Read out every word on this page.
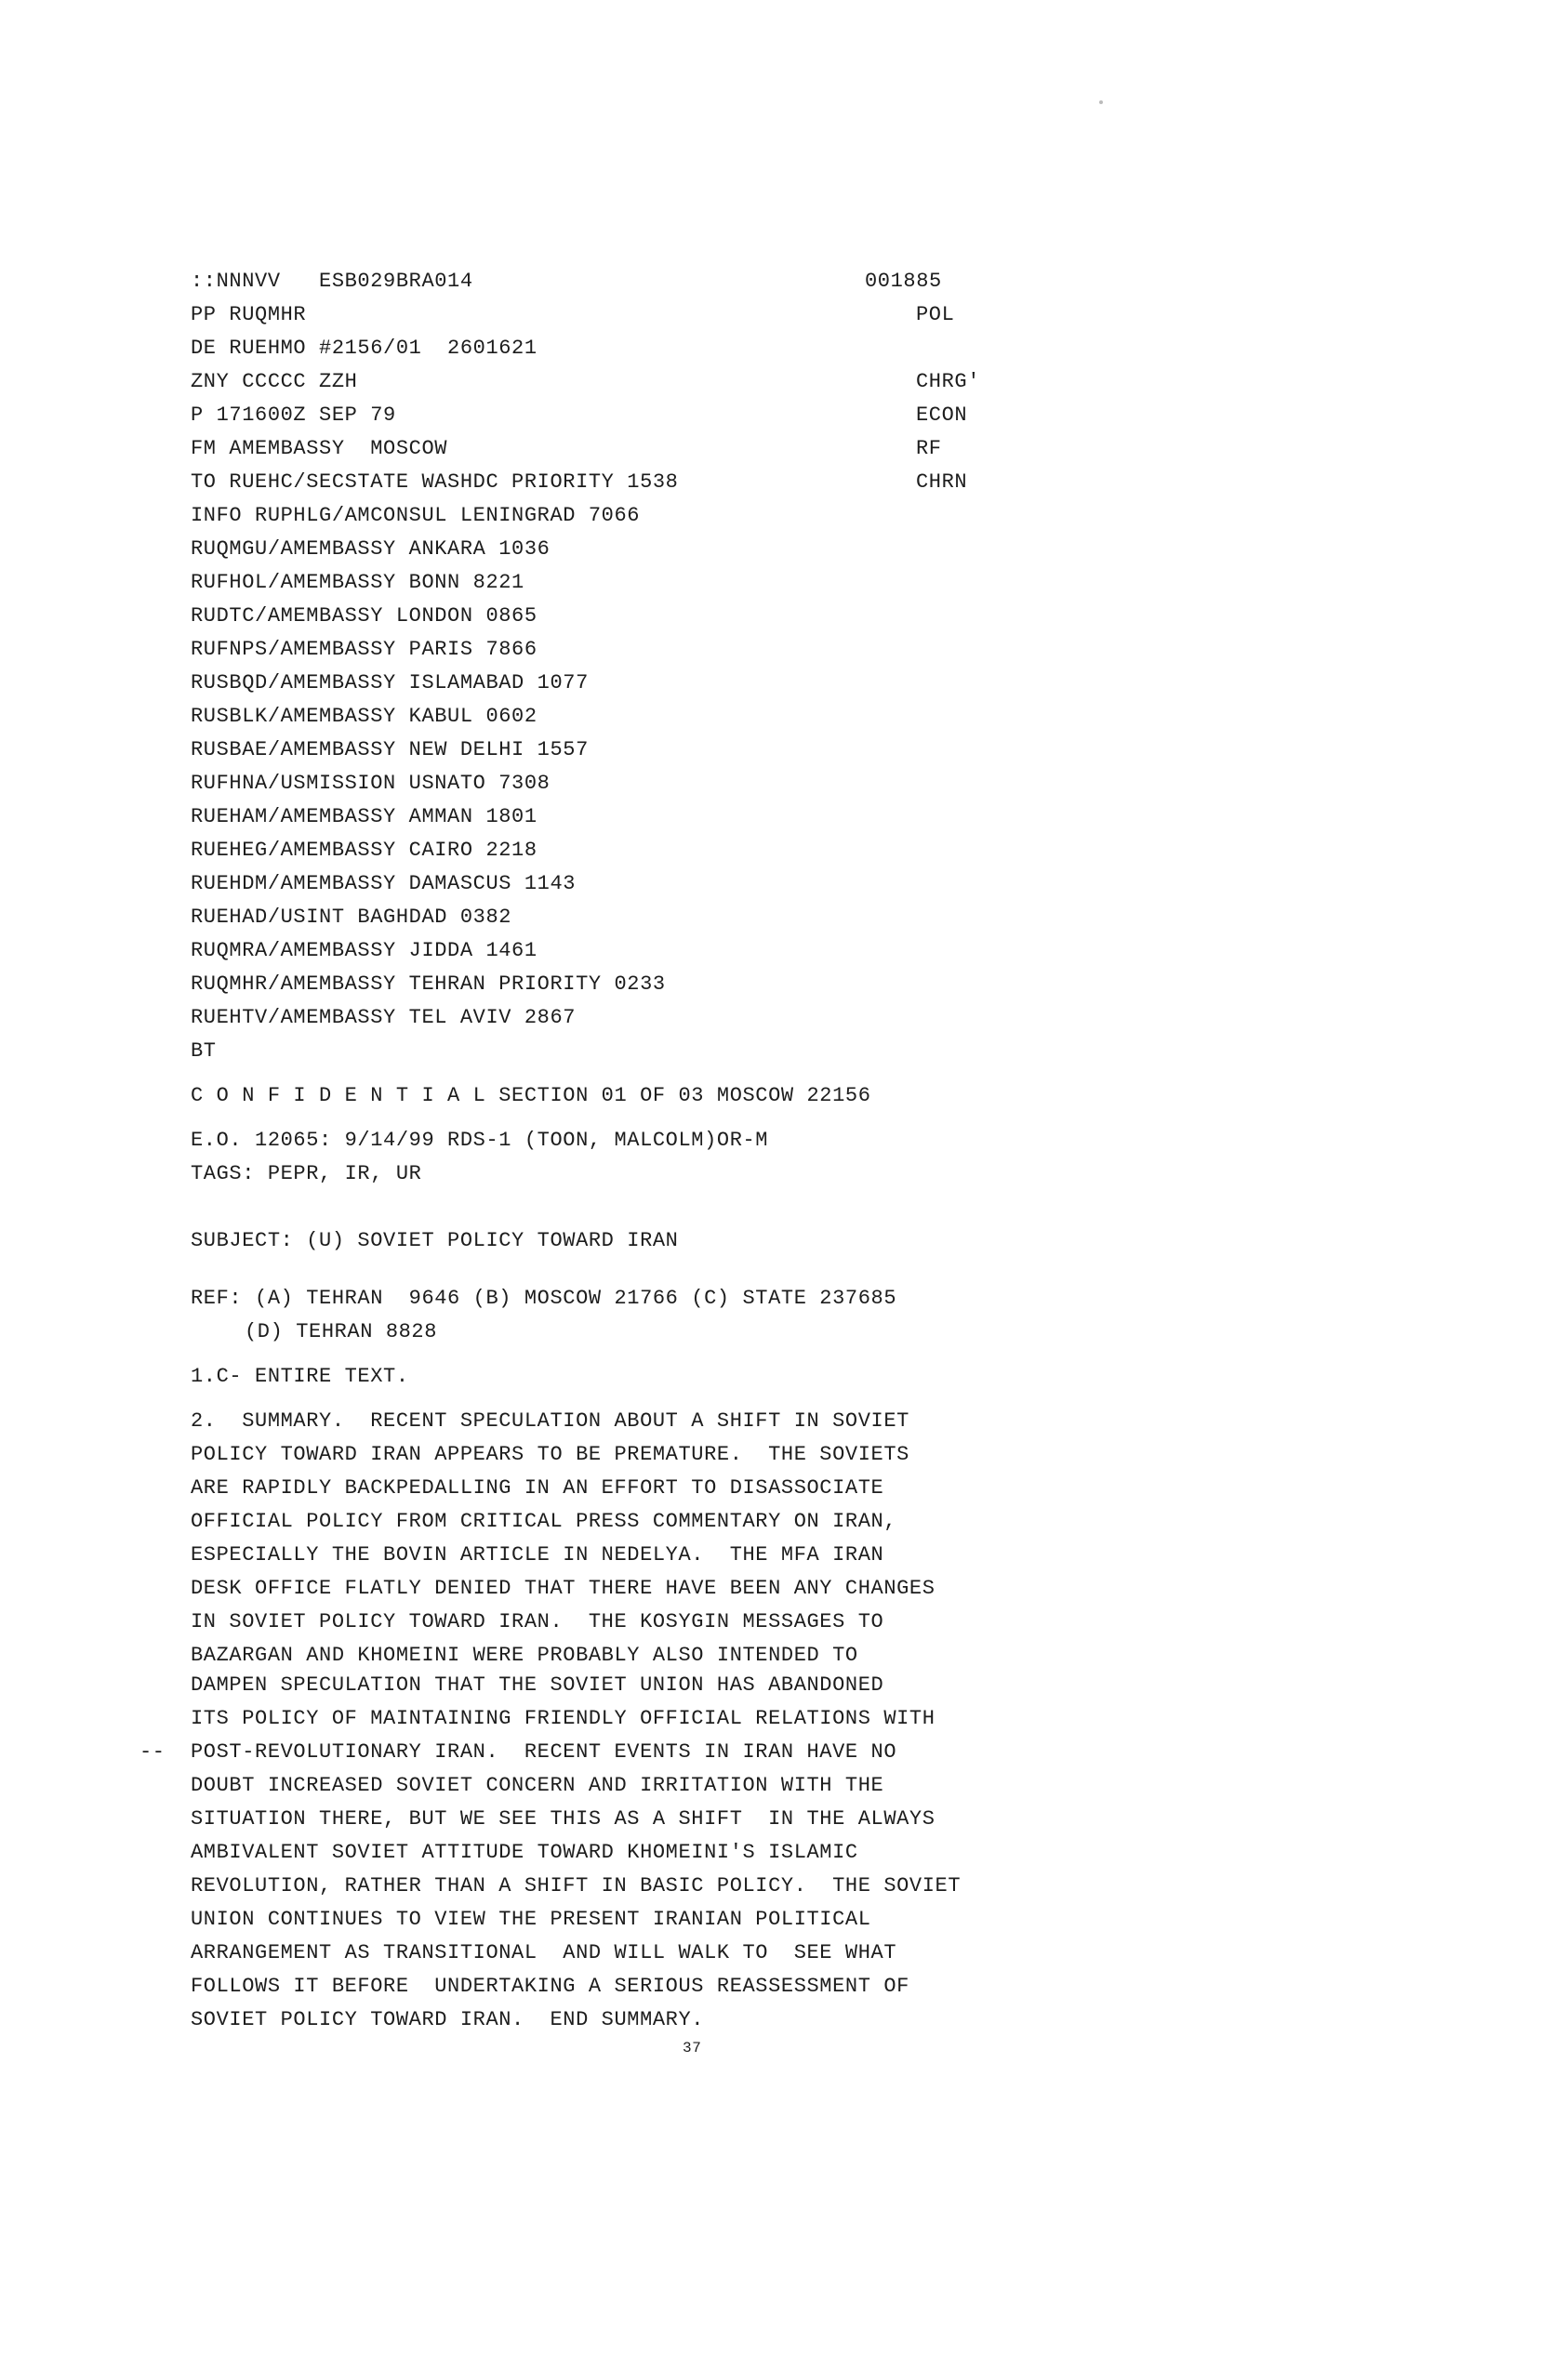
::NNNVV   ESB029BRA014
PP RUQMHR
DE RUEHMO #2156/01  2601621
ZNY CCCCC ZZH
P 171600Z SEP 79
FM AMEMBASSY  MOSCOW
TO RUEHC/SECSTATE WASHDC PRIORITY 1538
INFO RUPHLG/AMCONSUL LENINGRAD 7066
RUQMGU/AMEMBASSY ANKARA 1036
RUFHOL/AMEMBASSY BONN 8221
RUDTC/AMEMBASSY LONDON 0865
RUFNPS/AMEMBASSY PARIS 7866
RUSBQD/AMEMBASSY ISLAMABAD 1077
RUSBLK/AMEMBASSY KABUL 0602
RUSBAE/AMEMBASSY NEW DELHI 1557
RUFHNA/USMISSION USNATO 7308
RUEHAM/AMEMBASSY AMMAN 1801
RUEHEG/AMEMBASSY CAIRO 2218
RUEHDM/AMEMBASSY DAMASCUS 1143
RUEHAD/USINT BAGHDAD 0382
RUQMRA/AMEMBASSY JIDDA 1461
RUQMHR/AMEMBASSY TEHRAN PRIORITY 0233
RUEHTV/AMEMBASSY TEL AVIV 2867
BT
001885
POL
CHRG'
ECON
RF
CHRN
C O N F I D E N T I A L SECTION 01 OF 03 MOSCOW 22156
E.O. 12065: 9/14/99 RDS-1 (TOON, MALCOLM)OR-M
TAGS: PEPR, IR, UR
SUBJECT: (U) SOVIET POLICY TOWARD IRAN
REF: (A) TEHRAN  9646 (B) MOSCOW 21766 (C) STATE 237685
(D) TEHRAN 8828
1.C- ENTIRE TEXT.
2.  SUMMARY.  RECENT SPECULATION ABOUT A SHIFT IN SOVIET
POLICY TOWARD IRAN APPEARS TO BE PREMATURE.  THE SOVIETS
ARE RAPIDLY BACKPEDALLING IN AN EFFORT TO DISASSOCIATE
OFFICIAL POLICY FROM CRITICAL PRESS COMMENTARY ON IRAN,
ESPECIALLY THE BOVIN ARTICLE IN NEDELYA.  THE MFA IRAN
DESK OFFICE FLATLY DENIED THAT THERE HAVE BEEN ANY CHANGES
IN SOVIET POLICY TOWARD IRAN.  THE KOSYGIN MESSAGES TO
BAZARGAN AND KHOMEINI WERE PROBABLY ALSO INTENDED TO
DAMPEN SPECULATION THAT THE SOVIET UNION HAS ABANDONED
ITS POLICY OF MAINTAINING FRIENDLY OFFICIAL RELATIONS WITH
POST-REVOLUTIONARY IRAN.  RECENT EVENTS IN IRAN HAVE NO
DOUBT INCREASED SOVIET CONCERN AND IRRITATION WITH THE
SITUATION THERE, BUT WE SEE THIS AS A SHIFT  IN THE ALWAYS
AMBIVALENT SOVIET ATTITUDE TOWARD KHOMEINI'S ISLAMIC
REVOLUTION, RATHER THAN A SHIFT IN BASIC POLICY.  THE SOVIET
UNION CONTINUES TO VIEW THE PRESENT IRANIAN POLITICAL
ARRANGEMENT AS TRANSITIONAL  AND WILL WALK TO  SEE WHAT
FOLLOWS IT BEFORE  UNDERTAKING A SERIOUS REASSESSMENT OF
SOVIET POLICY TOWARD IRAN.  END SUMMARY.
--
37
